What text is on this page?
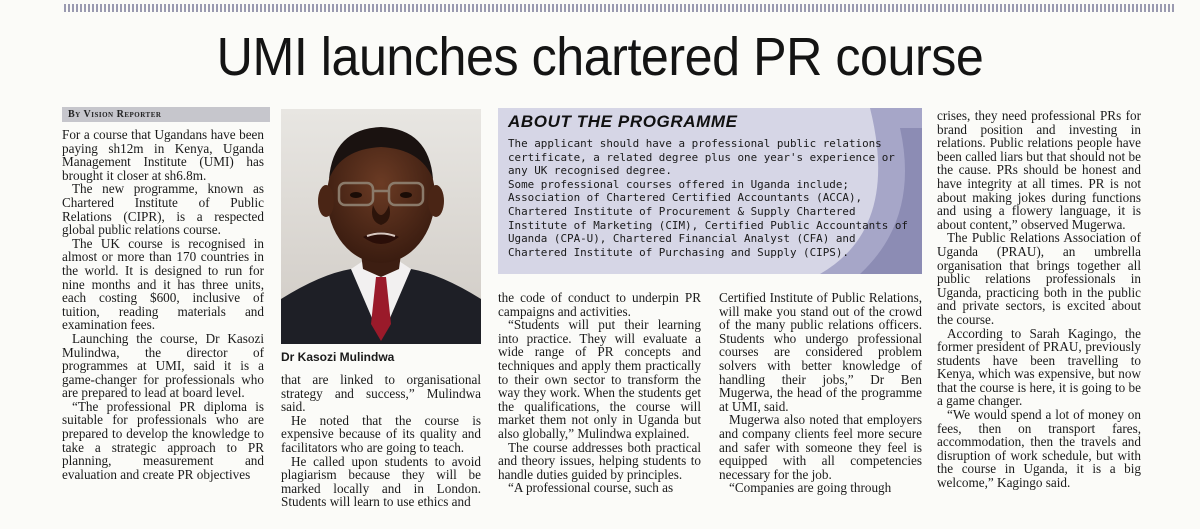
UMI launches chartered PR course
By Vision Reporter

For a course that Ugandans have been paying sh12m in Kenya, Uganda Management Institute (UMI) has brought it closer at sh6.8m.

The new programme, known as Chartered Institute of Public Relations (CIPR), is a respected global public relations course.

The UK course is recognised in almost or more than 170 countries in the world. It is designed to run for nine months and it has three units, each costing $600, inclusive of tuition, reading materials and examination fees.

Launching the course, Dr Kasozi Mulindwa, the director of programmes at UMI, said it is a game-changer for professionals who are prepared to lead at board level.

“The professional PR diploma is suitable for professionals who are prepared to develop the knowledge to take a strategic approach to PR planning, measurement and evaluation and create PR objectives

Dr Kasozi Mulindwa
ABOUT THE PROGRAMME

The applicant should have a professional public relations certificate, a related degree plus one year's experience or any UK recognised degree.

Some professional courses offered in Uganda include; Association of Chartered Certified Accountants (ACCA), Chartered Institute of Procurement & Supply Chartered Institute of Marketing (CIM), Certified Public Accountants of Uganda (CPA-U), Chartered Financial Analyst (CFA) and Chartered Institute of Purchasing and Supply (CIPS).

that are linked to organisational strategy and success,” Mulindwa said.

He noted that the course is expensive because of its quality and facilitators who are going to teach.

He called upon students to avoid plagiarism because they will be marked locally and in London. Students will learn to use ethics and

the code of conduct to underpin PR campaigns and activities.

“Students will put their learning into practice. They will evaluate a wide range of PR concepts and techniques and apply them practically to their own sector to transform the way they work. When the students get the qualifications, the course will market them not only in Uganda but also globally,” Mulindwa explained.

The course addresses both practical and theory issues, helping students to handle duties guided by principles.

“A professional course, such as

Certified Institute of Public Relations, will make you stand out of the crowd of the many public relations officers. Students who undergo professional courses are considered problem solvers with better knowledge of handling their jobs,” Dr Ben Mugerwa, the head of the programme at UMI, said.

Mugerwa also noted that employers and company clients feel more secure and safer with someone they feel is equipped with all competencies necessary for the job.

“Companies are going through

crises, they need professional PRs for brand position and investing in relations. Public relations people have been called liars but that should not be the cause. PRs should be honest and have integrity at all times. PR is not about making jokes during functions and using a flowery language, it is about content,” observed Mugerwa.

The Public Relations Association of Uganda (PRAU), an umbrella organisation that brings together all public relations professionals in Uganda, practicing both in the public and private sectors, is excited about the course.

According to Sarah Kagingo, the former president of PRAU, previously students have been travelling to Kenya, which was expensive, but now that the course is here, it is going to be a game changer.

“We would spend a lot of money on fees, then on transport fares, accommodation, then the travels and disruption of work schedule, but with the course in Uganda, it is a big welcome,” Kagingo said.
